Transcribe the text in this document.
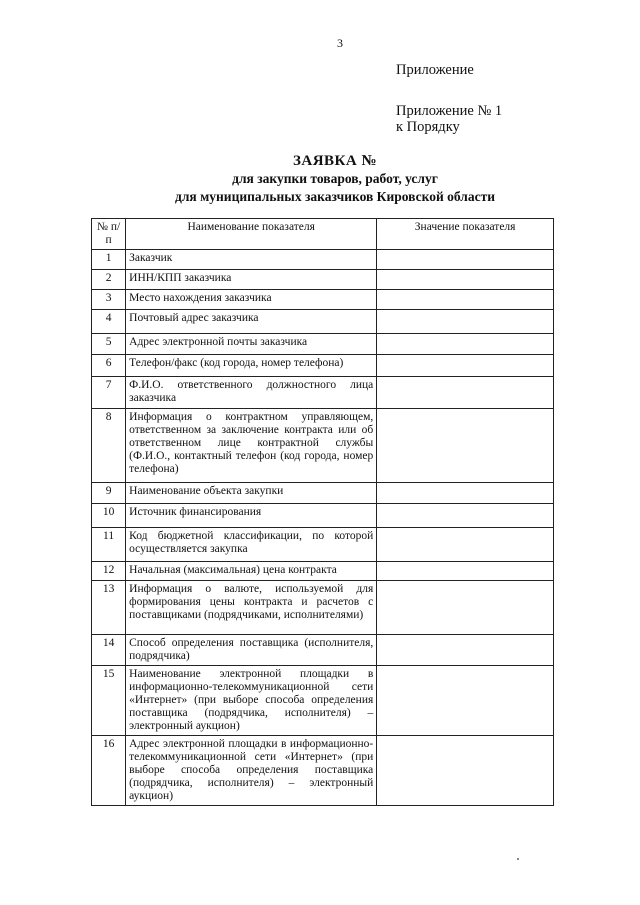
3
Приложение
Приложение № 1
к Порядку
ЗАЯВКА №
для закупки товаров, работ, услуг
для муниципальных заказчиков Кировской области
№ п/п	Наименование показателя	Значение показателя
1	Заказчик	
2	ИНН/КПП заказчика	
3	Место нахождения заказчика	
4	Почтовый адрес заказчика	
5	Адрес электронной почты заказчика	
6	Телефон/факс (код города, номер телефона)	
7	Ф.И.О. ответственного должностного лица заказчика	
8	Информация о контрактном управляющем, ответственном за заключение контракта или об ответственном лице контрактной службы (Ф.И.О., контактный телефон (код города, номер телефона)	
9	Наименование объекта закупки	
10	Источник финансирования	
11	Код бюджетной классификации, по которой осуществляется закупка	
12	Начальная (максимальная) цена контракта	
13	Информация о валюте, используемой для формирования цены контракта и расчетов с поставщиками (подрядчиками, исполнителями)	
14	Способ определения поставщика (исполнителя, подрядчика)	
15	Наименование электронной площадки в информационно-телекоммуникационной сети «Интернет» (при выборе способа определения поставщика (подрядчика, исполнителя) – электронный аукцион)	
16	Адрес электронной площадки в информационно-телекоммуникационной сети «Интернет» (при выборе способа определения поставщика (подрядчика, исполнителя) – электронный аукцион)	
